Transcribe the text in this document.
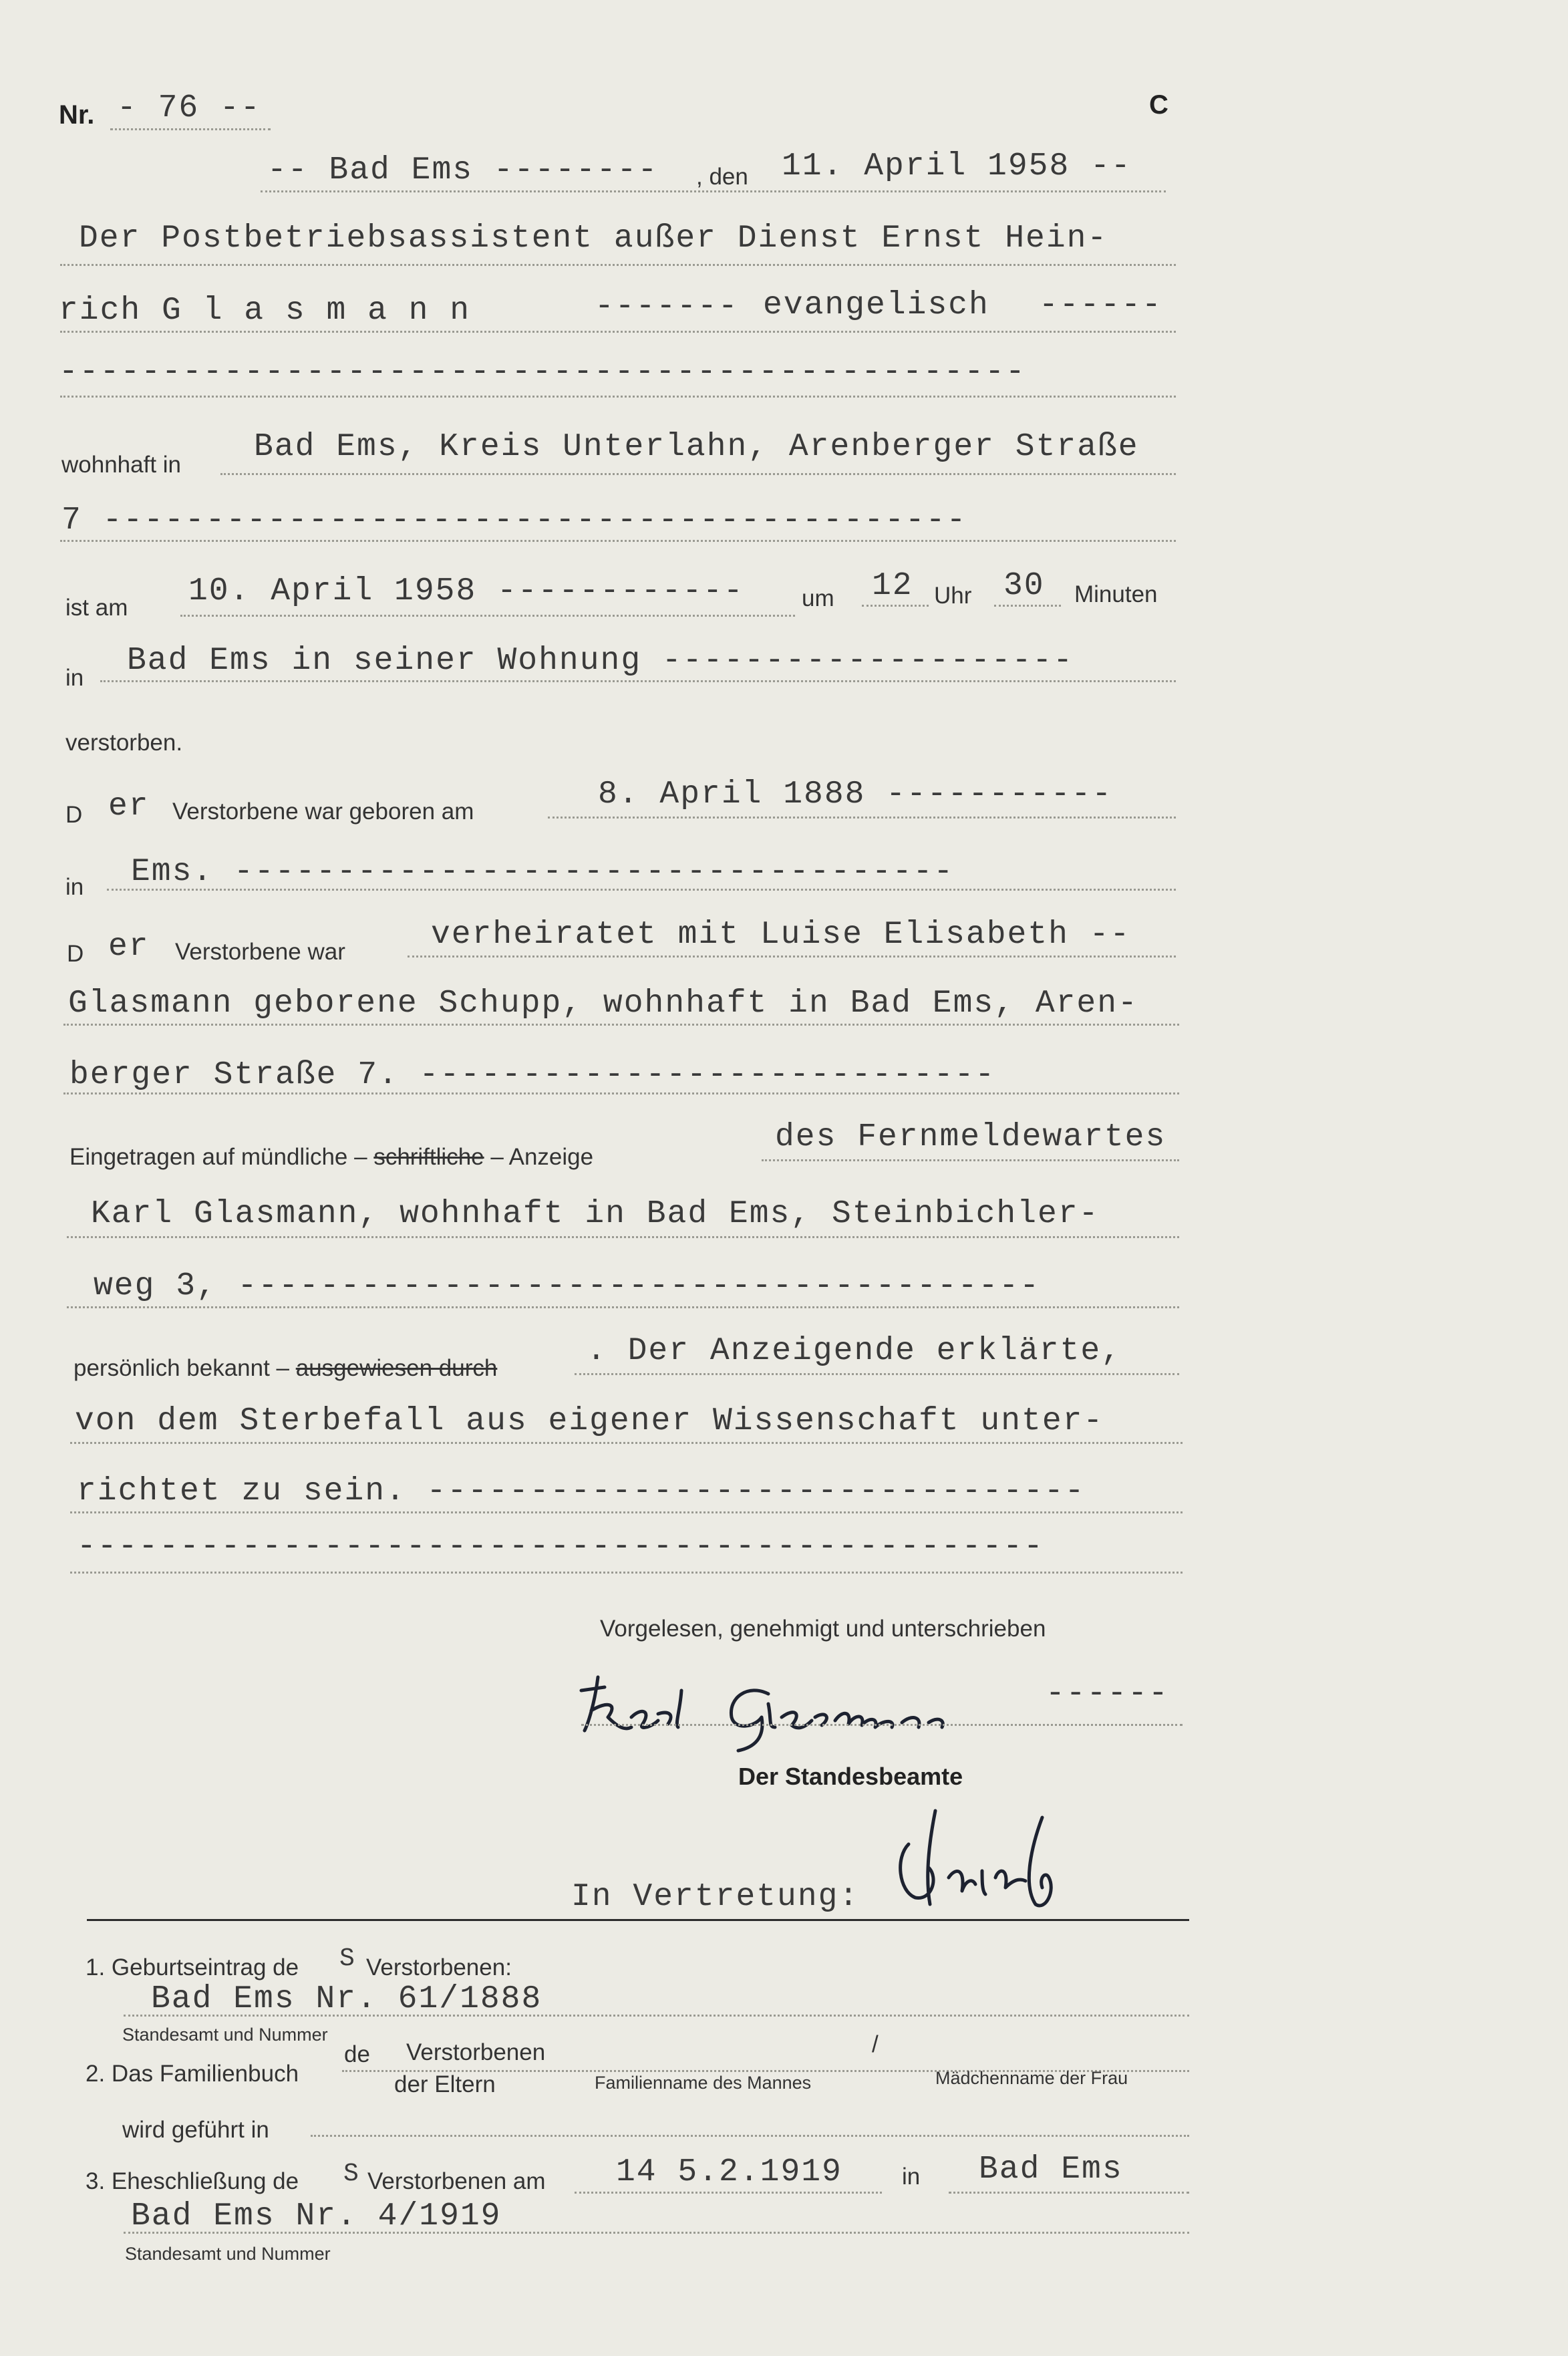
Nr. - 76 --	C
-- Bad Ems -------- , den 11. April 1958 --
Der Postbetriebsassistent außer Dienst Ernst Hein-
rich G l a s m a n n	------- evangelisch ------
-----------------------------------------------
wohnhaft in Bad Ems, Kreis Unterlahn, Arenberger Straße
7 ------------------------------------------
ist am 10. April 1958 ------------ um 12 Uhr 30 Minuten
in Bad Ems in seiner Wohnung --------------------
verstorben.
D er Verstorbene war geboren am	8. April 1888 -----------
in Ems. -----------------------------------
D er Verstorbene war	verheiratet mit Luise Elisabeth --
Glasmann geborene Schupp, wohnhaft in Bad Ems, Aren-
berger Straße 7. ----------------------------
Eingetragen auf mündliche – schriftliche – Anzeige
des Fernmeldewartes
Karl Glasmann, wohnhaft in Bad Ems, Steinbichler-
weg 3, ---------------------------------------
persönlich bekannt – ausgewiesen durch	. Der Anzeigende erklärte,
von dem Sterbefall aus eigener Wissenschaft unter-
richtet zu sein. --------------------------------
-----------------------------------------------
Vorgelesen, genehmigt und unterschrieben
------
Der Standesbeamte
In Vertretung:
1. Geburtseintrag de S Verstorbenen:
Bad Ems Nr. 61/1888
Standesamt und Nummer
2. Das Familienbuch
de Verstorbenen
der Eltern	Familienname des Mannes
/
Mädchenname der Frau
wird geführt in
3. Eheschließung de S Verstorbenen am 14 5.2.1919	in Bad Ems
Bad Ems Nr. 4/1919
Standesamt und Nummer
